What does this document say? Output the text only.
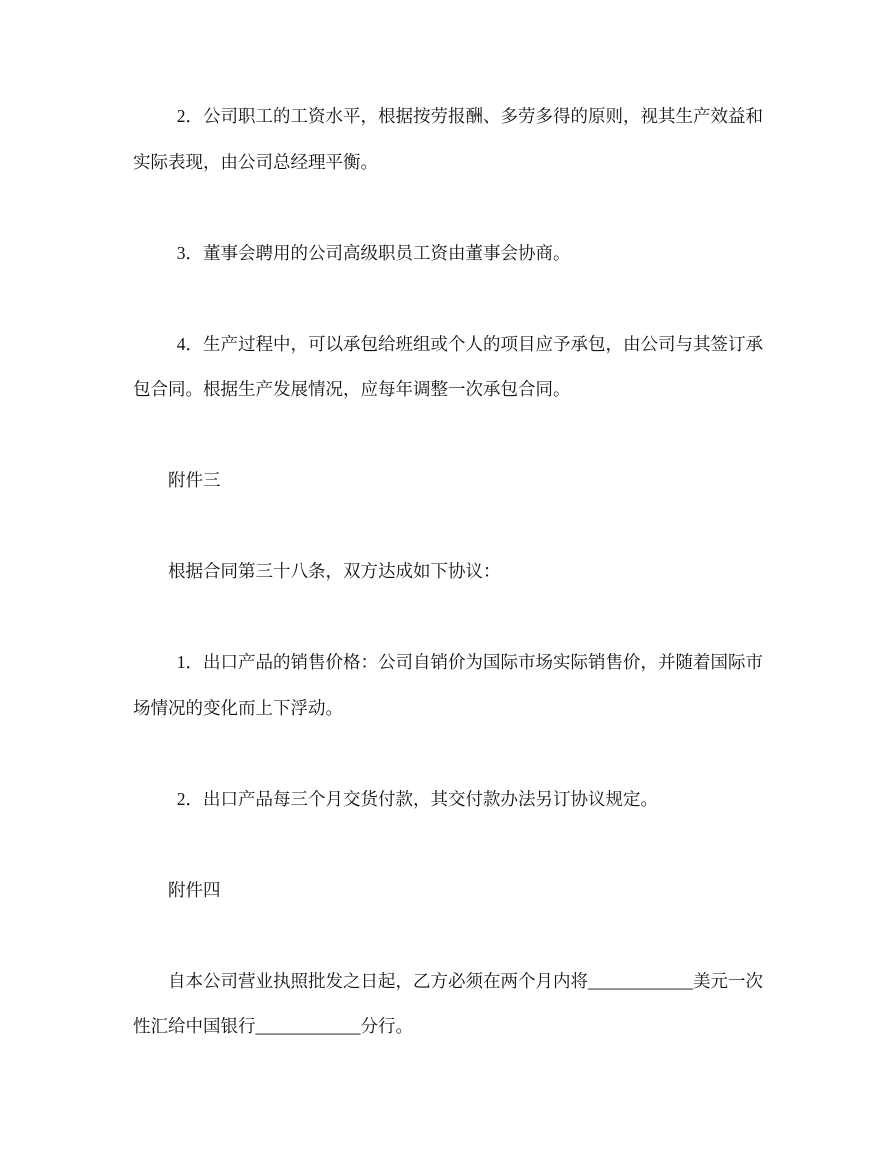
2．公司职工的工资水平，根据按劳报酬、多劳多得的原则，视其生产效益和
实际表现，由公司总经理平衡。
3．董事会聘用的公司高级职员工资由董事会协商。
4．生产过程中，可以承包给班组或个人的项目应予承包，由公司与其签订承
包合同。根据生产发展情况，应每年调整一次承包合同。
附件三
根据合同第三十八条，双方达成如下协议：
1．出口产品的销售价格：公司自销价为国际市场实际销售价，并随着国际市
场情况的变化而上下浮动。
2．出口产品每三个月交货付款，其交付款办法另订协议规定。
附件四
自本公司营业执照批发之日起，乙方必须在两个月内将____________美元一次
性汇给中国银行____________分行。
